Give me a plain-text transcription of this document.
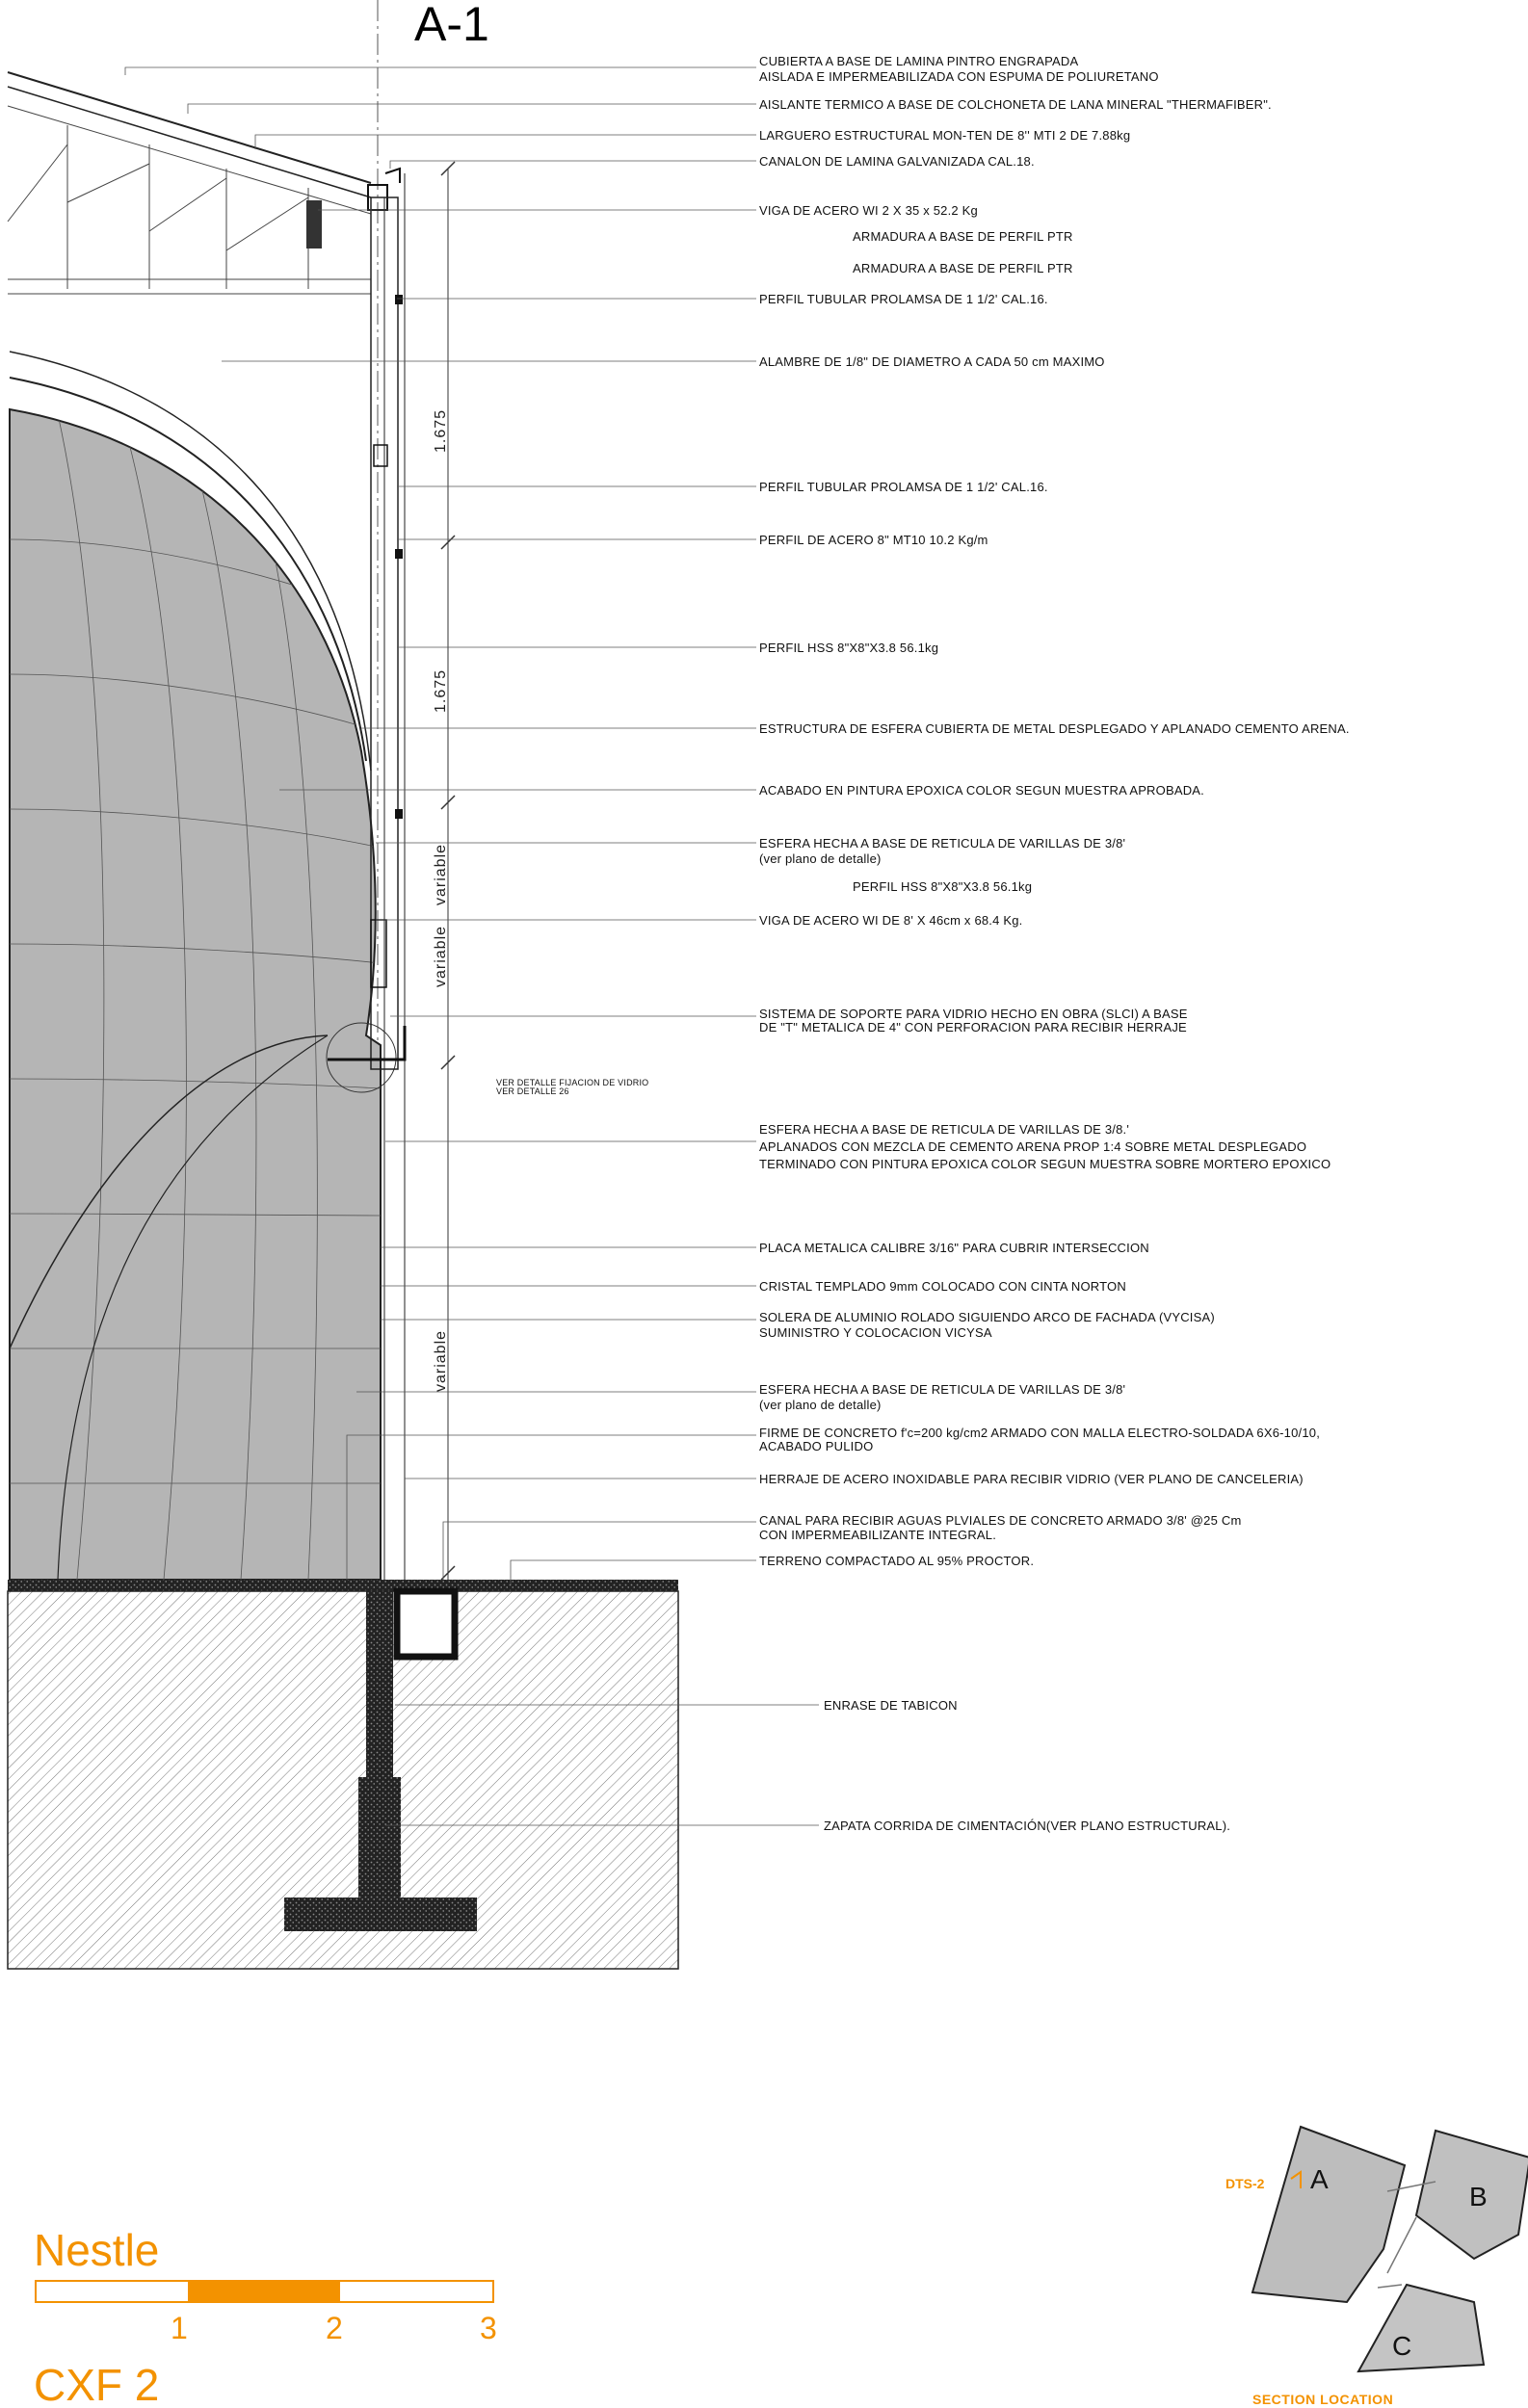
A-1
1.675
1.675
variable
variable
variable
VER DETALLE FIJACION DE VIDRIO VER DETALLE 26
CUBIERTA A BASE DE LAMINA PINTRO ENGRAPADA AISLADA E IMPERMEABILIZADA CON ESPUMA DE POLIURETANO
AISLANTE TERMICO A BASE DE COLCHONETA DE LANA MINERAL "THERMAFIBER".
LARGUERO ESTRUCTURAL MON-TEN DE 8'' MTI 2 DE 7.88kg
CANALON DE LAMINA GALVANIZADA CAL.18.
VIGA DE ACERO WI 2 X 35 x 52.2 Kg
ARMADURA A BASE DE PERFIL PTR
ARMADURA A BASE DE PERFIL PTR
PERFIL TUBULAR PROLAMSA DE 1 1/2' CAL.16.
ALAMBRE DE 1/8" DE DIAMETRO A CADA 50 cm MAXIMO
PERFIL TUBULAR PROLAMSA DE 1 1/2' CAL.16.
PERFIL DE ACERO 8" MT10 10.2 Kg/m
PERFIL HSS 8"X8"X3.8 56.1kg
ESTRUCTURA DE ESFERA CUBIERTA DE METAL DESPLEGADO Y APLANADO CEMENTO ARENA.
ACABADO EN PINTURA EPOXICA COLOR SEGUN MUESTRA APROBADA.
ESFERA HECHA A BASE DE RETICULA DE VARILLAS DE 3/8' (ver plano de detalle)
PERFIL HSS 8"X8"X3.8 56.1kg
VIGA DE ACERO WI DE 8' X 46cm x 68.4 Kg.
SISTEMA DE SOPORTE PARA VIDRIO HECHO EN OBRA (SLCI) A BASE DE "T" METALICA DE 4" CON PERFORACION PARA RECIBIR HERRAJE
ESFERA HECHA A BASE DE RETICULA DE VARILLAS DE 3/8.' APLANADOS CON MEZCLA DE CEMENTO ARENA PROP 1:4 SOBRE METAL DESPLEGADO TERMINADO CON PINTURA EPOXICA COLOR SEGUN MUESTRA SOBRE MORTERO EPOXICO
PLACA METALICA CALIBRE 3/16" PARA CUBRIR INTERSECCION
CRISTAL TEMPLADO 9mm COLOCADO CON CINTA NORTON
SOLERA DE ALUMINIO ROLADO SIGUIENDO ARCO DE FACHADA (VYCISA) SUMINISTRO Y COLOCACION VICYSA
ESFERA HECHA A BASE DE RETICULA DE VARILLAS DE 3/8' (ver plano de detalle)
FIRME DE CONCRETO f'c=200 kg/cm2 ARMADO CON MALLA ELECTRO-SOLDADA 6X6-10/10, ACABADO PULIDO
HERRAJE DE ACERO INOXIDABLE PARA RECIBIR VIDRIO (VER PLANO DE CANCELERIA)
CANAL PARA RECIBIR AGUAS PLVIALES DE CONCRETO ARMADO 3/8' @25 Cm CON IMPERMEABILIZANTE INTEGRAL.
TERRENO COMPACTADO AL 95% PROCTOR.
ENRASE DE TABICON
ZAPATA CORRIDA DE CIMENTACIÓN(VER PLANO ESTRUCTURAL).
Nestle
1	2	3
CXF 2
A
B
C
DTS-2
SECTION LOCATION
